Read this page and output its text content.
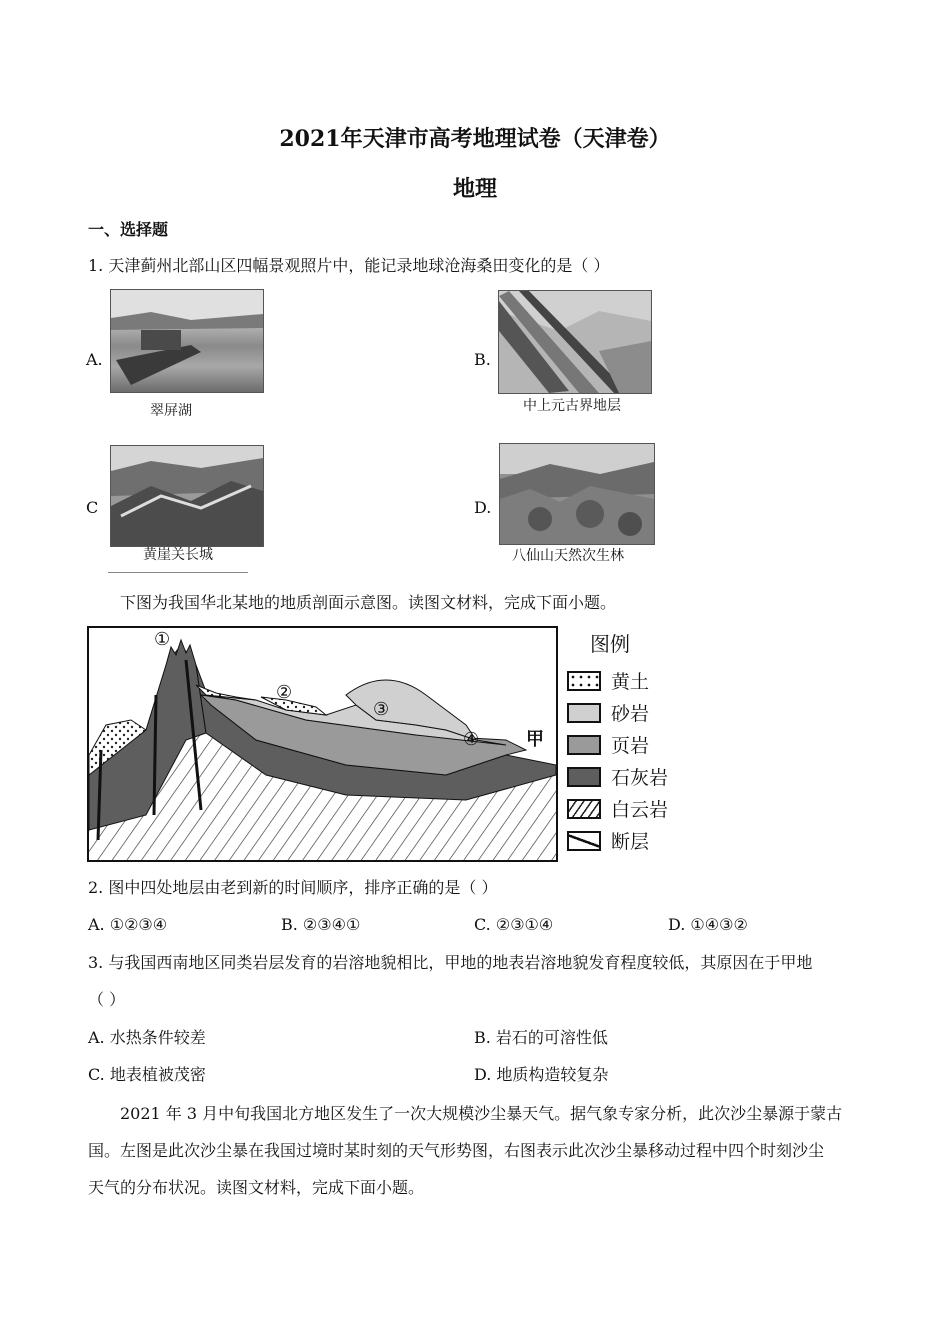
2021年天津市高考地理试卷（天津卷）
地理
一、选择题
1. 天津蓟州北部山区四幅景观照片中，能记录地球沧海桑田变化的是（ ）
A.
翠屏湖
B.
中上元古界地层
C
黄崖关长城
D.
八仙山天然次生林
下图为我国华北某地的地质剖面示意图。读图文材料，完成下面小题。
①
②
③
④	甲
图例
黄土
砂岩
页岩
石灰岩
白云岩
断层
2. 图中四处地层由老到新的时间顺序，排序正确的是（ ）
A. ①②③④	B. ②③④①	C. ②③①④	D. ①④③②
3. 与我国西南地区同类岩层发育的岩溶地貌相比，甲地的地表岩溶地貌发育程度较低，其原因在于甲地
（ ）
A. 水热条件较差	B. 岩石的可溶性低
C. 地表植被茂密	D. 地质构造较复杂
2021 年 3 月中旬我国北方地区发生了一次大规模沙尘暴天气。据气象专家分析，此次沙尘暴源于蒙古
国。左图是此次沙尘暴在我国过境时某时刻的天气形势图，右图表示此次沙尘暴移动过程中四个时刻沙尘
天气的分布状况。读图文材料，完成下面小题。
